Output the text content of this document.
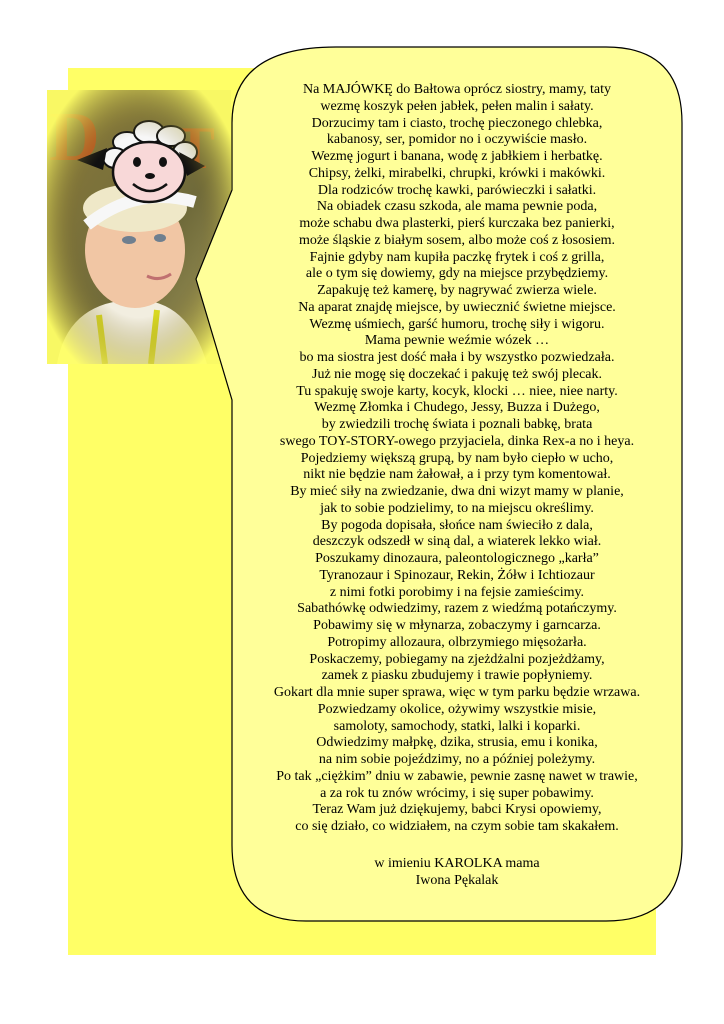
Na MAJÓWKĘ do Bałtowa oprócz siostry, mamy, taty
wezmę koszyk pełen jabłek, pełen malin i sałaty.
Dorzucimy tam i ciasto, trochę pieczonego chlebka,
kabanosy, ser, pomidor no i oczywiście masło.
Wezmę jogurt i banana, wodę z jabłkiem i herbatkę.
Chipsy, żelki, mirabelki, chrupki, krówki i makówki.
Dla rodziców trochę kawki, parówieczki i sałatki.
Na obiadek czasu szkoda, ale mama pewnie poda,
może schabu dwa plasterki, pierś kurczaka bez panierki,
może śląskie z białym sosem, albo może coś z łososiem.
Fajnie gdyby nam kupiła paczkę frytek i coś z grilla,
ale o tym się dowiemy, gdy na miejsce przybędziemy.
Zapakuję też kamerę, by nagrywać zwierza wiele.
Na aparat znajdę miejsce, by uwiecznić świetne miejsce.
Wezmę uśmiech, garść humoru, trochę siły i wigoru.
Mama pewnie weźmie wózek …
bo ma siostra jest dość mała i by wszystko pozwiedzała.
Już nie mogę się doczekać i pakuję też swój plecak.
Tu spakuję swoje karty, kocyk, klocki … niee, niee narty.
Wezmę Złomka i Chudego, Jessy, Buzza i Dużego,
by zwiedzili trochę świata i poznali babkę, brata
swego TOY-STORY-owego przyjaciela, dinka Rex-a no i heya.
Pojedziemy większą grupą, by nam było ciepło w ucho,
nikt nie będzie nam żałował, a i przy tym komentował.
By mieć siły na zwiedzanie, dwa dni wizyt mamy w planie,
jak to sobie podzielimy, to na miejscu określimy.
By pogoda dopisała, słońce nam świeciło z dala,
deszczyk odszedł w siną dal, a wiaterek lekko wiał.
Poszukamy dinozaura, paleontologicznego „karła”
Tyranozaur i Spinozaur, Rekin, Żółw i Ichtiozaur
z nimi fotki porobimy i na fejsie zamieścimy.
Sabathówkę odwiedzimy, razem z wiedźmą potańczymy.
Pobawimy się w młynarza, zobaczymy i garncarza.
Potropimy allozaura, olbrzymiego mięsożarła.
Poskaczemy, pobiegamy na zjeżdżalni pozjeżdżamy,
zamek z piasku zbudujemy i trawie popłyniemy.
Gokart dla mnie super sprawa, więc w tym parku będzie wrzawa.
Pozwiedzamy okolice, ożywimy wszystkie misie,
samoloty, samochody, statki, lalki i koparki.
Odwiedzimy małpkę, dzika, strusia, emu i konika,
na nim sobie pojeździmy, no a później poleżymy.
Po tak „ciężkim” dniu w zabawie, pewnie zasnę nawet w trawie,
a za rok tu znów wrócimy, i się super pobawimy.
Teraz Wam już dziękujemy, babci Krysi opowiemy,
co się działo, co widziałem, na czym sobie tam skakałem.
w imieniu KAROLKA mama
Iwona Pękalak
